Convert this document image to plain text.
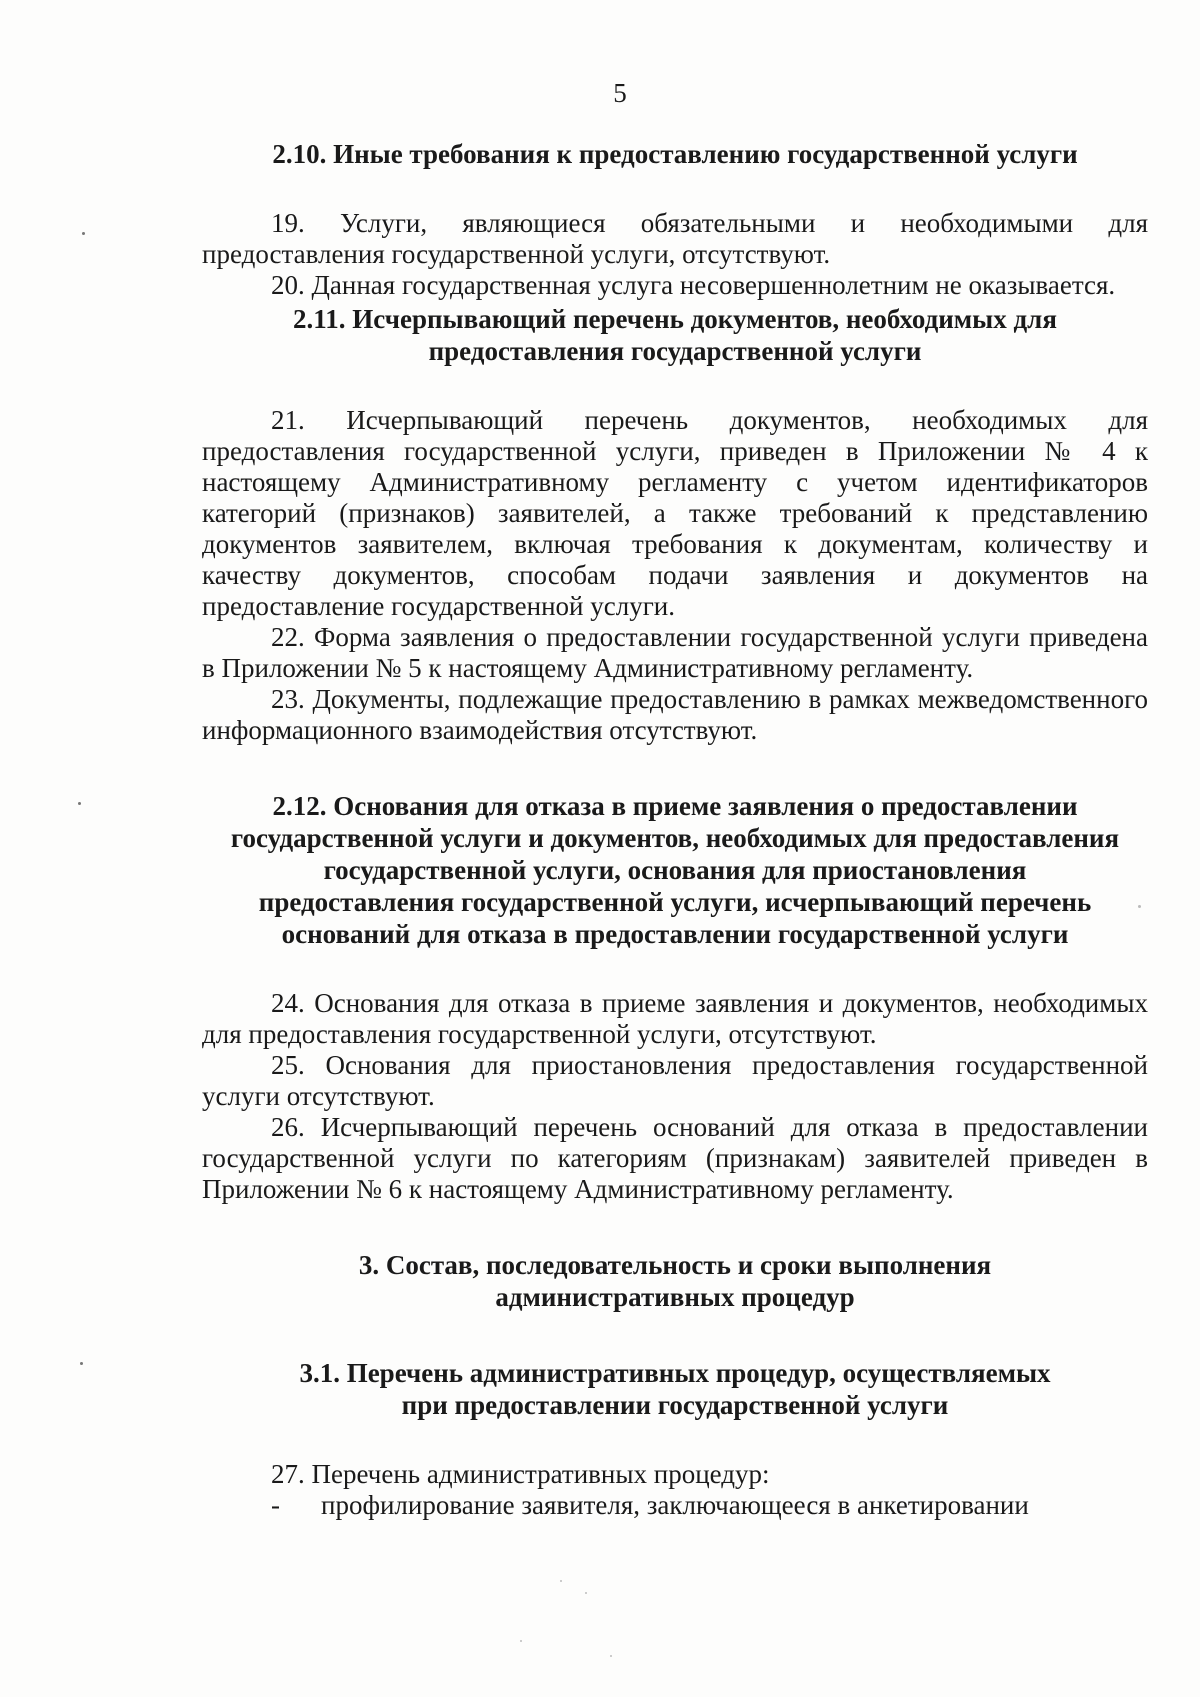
5
2.10. Иные требования к предоставлению государственной услуги

19. Услуги, являющиеся обязательными и необходимыми для предоставления государственной услуги, отсутствуют.

20. Данная государственная услуга несовершеннолетним не оказывается.

2.11. Исчерпывающий перечень документов, необходимых для
предоставления государственной услуги

21. Исчерпывающий перечень документов, необходимых для предоставления государственной услуги, приведен в Приложении № 4 к настоящему Административному регламенту с учетом идентификаторов категорий (признаков) заявителей, а также требований к представлению документов заявителем, включая требования к документам, количеству и качеству документов, способам подачи заявления и документов на предоставление государственной услуги.

22. Форма заявления о предоставлении государственной услуги приведена в Приложении № 5 к настоящему Административному регламенту.

23. Документы, подлежащие предоставлению в рамках межведомственного информационного взаимодействия отсутствуют.

2.12. Основания для отказа в приеме заявления о предоставлении
государственной услуги и документов, необходимых для предоставления
государственной услуги, основания для приостановления
предоставления государственной услуги, исчерпывающий перечень
оснований для отказа в предоставлении государственной услуги

24. Основания для отказа в приеме заявления и документов, необходимых для предоставления государственной услуги, отсутствуют.

25. Основания для приостановления предоставления государственной услуги отсутствуют.

26. Исчерпывающий перечень оснований для отказа в предоставлении государственной услуги по категориям (признакам) заявителей приведен в Приложении № 6 к настоящему Административному регламенту.

3. Состав, последовательность и сроки выполнения
административных процедур
3.1. Перечень административных процедур, осуществляемых
при предоставлении государственной услуги

27. Перечень административных процедур:

- профилирование заявителя, заключающееся в анкетировании
